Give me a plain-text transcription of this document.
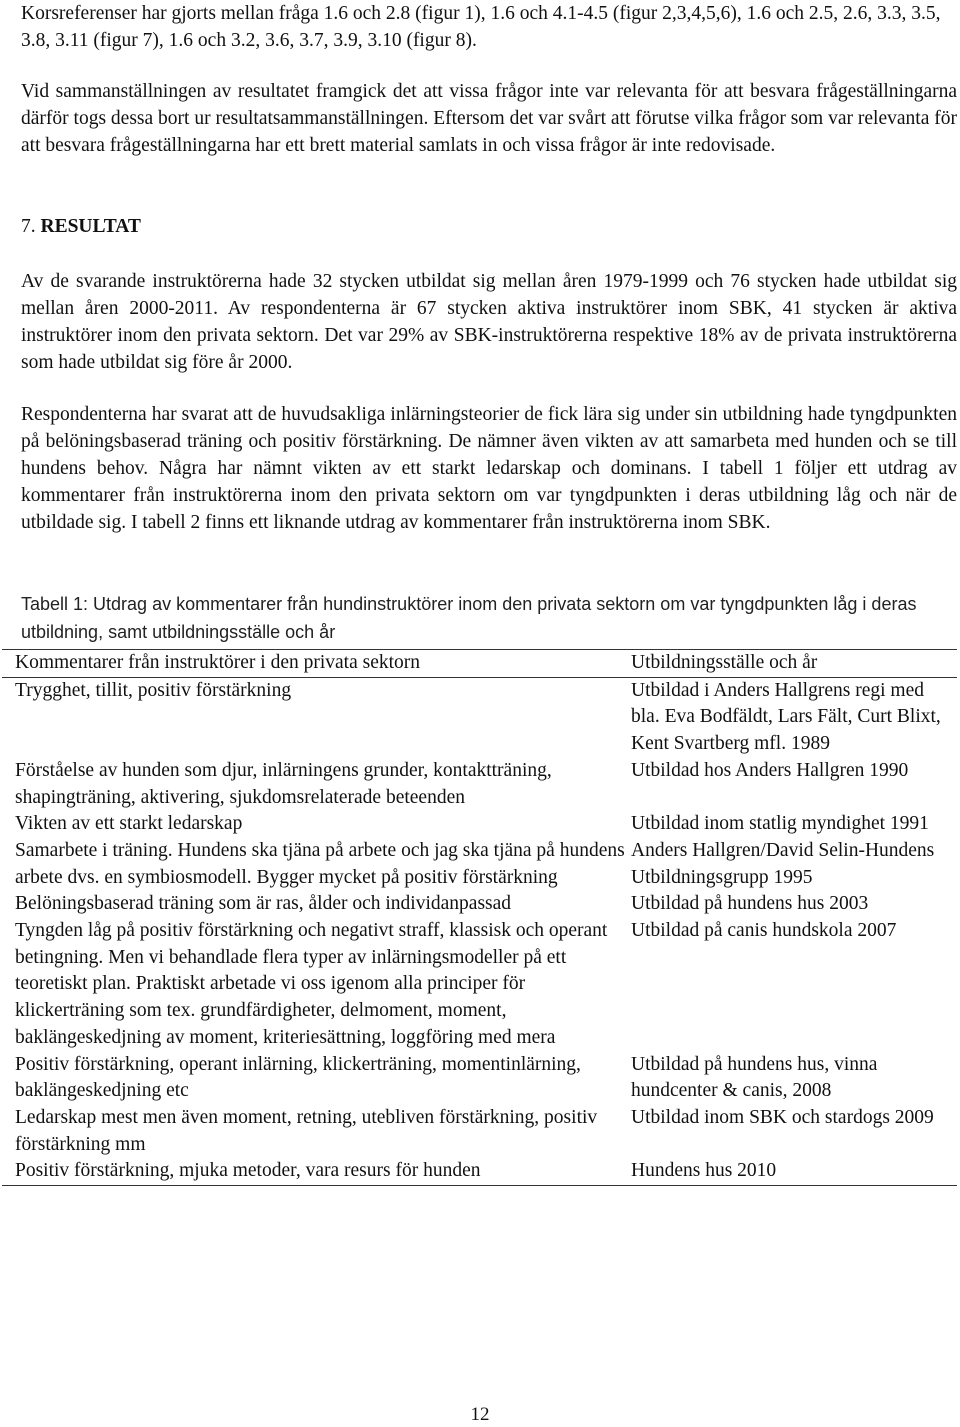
Korsreferenser har gjorts mellan fråga 1.6 och 2.8 (figur 1), 1.6 och 4.1-4.5 (figur 2,3,4,5,6), 1.6 och 2.5, 2.6, 3.3, 3.5, 3.8, 3.11 (figur 7), 1.6 och 3.2, 3.6, 3.7, 3.9, 3.10 (figur 8).

Vid sammanställningen av resultatet framgick det att vissa frågor inte var relevanta för att besvara frågeställningarna därför togs dessa bort ur resultatsammanställningen. Eftersom det var svårt att förutse vilka frågor som var relevanta för att besvara frågeställningarna har ett brett material samlats in och vissa frågor är inte redovisade.

7. RESULTAT

Av de svarande instruktörerna hade 32 stycken utbildat sig mellan åren 1979-1999 och 76 stycken hade utbildat sig mellan åren 2000-2011. Av respondenterna är 67 stycken aktiva instruktörer inom SBK, 41 stycken är aktiva instruktörer inom den privata sektorn. Det var 29% av SBK-instruktörerna respektive 18% av de privata instruktörerna som hade utbildat sig före år 2000.

Respondenterna har svarat att de huvudsakliga inlärningsteorier de fick lära sig under sin utbildning hade tyngdpunkten på belöningsbaserad träning och positiv förstärkning. De nämner även vikten av att samarbeta med hunden och se till hundens behov. Några har nämnt vikten av ett starkt ledarskap och dominans. I tabell 1 följer ett utdrag av kommentarer från instruktörerna inom den privata sektorn om var tyngdpunkten i deras utbildning låg och när de utbildade sig. I tabell 2 finns ett liknande utdrag av kommentarer från instruktörerna inom SBK.

Tabell 1: Utdrag av kommentarer från hundinstruktörer inom den privata sektorn om var tyngdpunkten låg i deras utbildning, samt utbildningsställe och år

Kommentarer från instruktörer i den privata sektorn	Utbildningsställe och år
Trygghet, tillit, positiv förstärkning	Utbildad i Anders Hallgrens regi med bla. Eva Bodfäldt, Lars Fält, Curt Blixt, Kent Svartberg mfl. 1989
Förståelse av hunden som djur, inlärningens grunder, kontaktträning, shapingträning, aktivering, sjukdomsrelaterade beteenden	Utbildad hos Anders Hallgren 1990
Vikten av ett starkt ledarskap	Utbildad inom statlig myndighet 1991
Samarbete i träning. Hundens ska tjäna på arbete och jag ska tjäna på hundens arbete dvs. en symbiosmodell. Bygger mycket på positiv förstärkning	Anders Hallgren/David Selin-Hundens Utbildningsgrupp 1995
Belöningsbaserad träning som är ras, ålder och individanpassad	Utbildad på hundens hus 2003
Tyngden låg på positiv förstärkning och negativt straff, klassisk och operant betingning. Men vi behandlade flera typer av inlärningsmodeller på ett teoretiskt plan. Praktiskt arbetade vi oss igenom alla principer för klickerträning som tex. grundfärdigheter, delmoment, moment, baklängeskedjning av moment, kriteriesättning, loggföring med mera	Utbildad på canis hundskola 2007
Positiv förstärkning, operant inlärning, klickerträning, momentinlärning, baklängeskedjning etc	Utbildad på hundens hus, vinna hundcenter & canis, 2008
Ledarskap mest men även moment, retning, utebliven förstärkning, positiv förstärkning mm	Utbildad inom SBK och stardogs 2009
Positiv förstärkning, mjuka metoder, vara resurs för hunden	Hundens hus 2010
12
